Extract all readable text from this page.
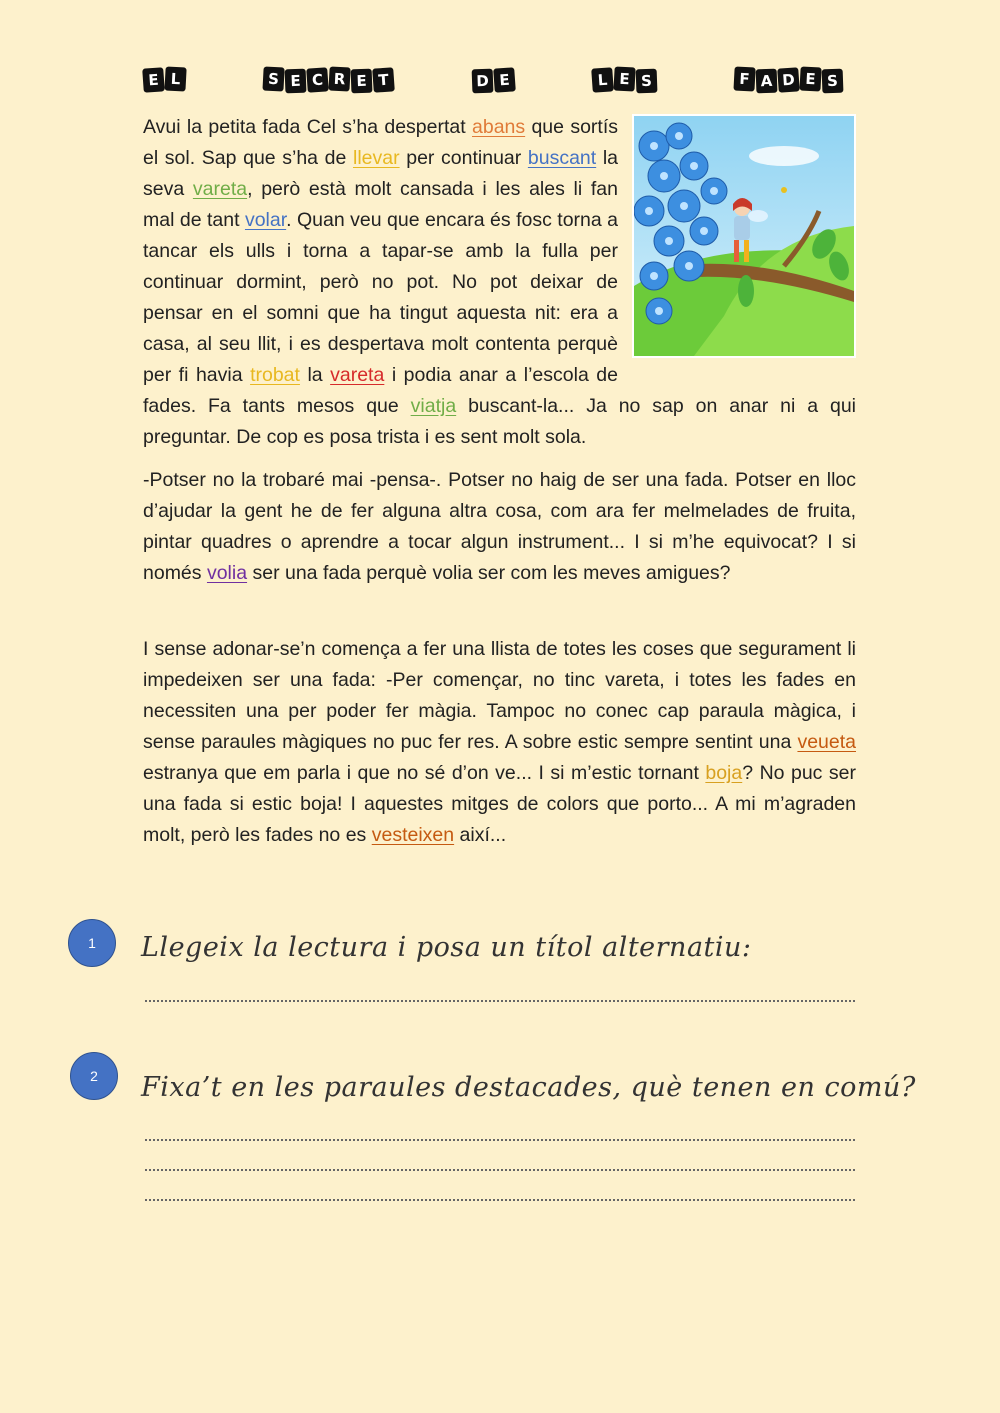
E L	S E C R E T	D E	L E S	F A D E S

Avui la petita fada Cel s’ha despertat abans que sortís el sol. Sap que s’ha de llevar per continuar buscant la seva vareta, però està molt cansada i les ales li fan mal de tant volar. Quan veu que encara és fosc torna a tancar els ulls i torna a tapar-se amb la fulla per continuar dormint, però no pot. No pot deixar de pensar en el somni que ha tingut aquesta nit: era a casa, al seu llit, i es despertava molt contenta perquè per fi havia trobat la vareta i podia anar a l’escola de fades. Fa tants mesos que viatja buscant-la... Ja no sap on anar ni a qui preguntar. De cop es posa trista i es sent molt sola.

-Potser no la trobaré mai -pensa-. Potser no haig de ser una fada. Potser en lloc d’ajudar la gent he de fer alguna altra cosa, com ara fer melmelades de fruita, pintar quadres o aprendre a tocar algun instrument... I si m’he equivocat? I si només volia ser una fada perquè volia ser com les meves amigues?

I sense adonar-se’n comença a fer una llista de totes les coses que segurament li impedeixen ser una fada: -Per començar, no tinc vareta, i totes les fades en necessiten una per poder fer màgia. Tampoc no conec cap paraula màgica, i sense paraules màgiques no puc fer res. A sobre estic sempre sentint una veueta estranya que em parla i que no sé d’on ve... I si m’estic tornant boja? No puc ser una fada si estic boja! I aquestes mitges de colors que porto... A mi m’agraden molt, però les fades no es vesteixen així...

1 Llegeix la lectura i posa un títol alternatiu:
2 Fixa’t en les paraules destacades, què tenen en comú?
